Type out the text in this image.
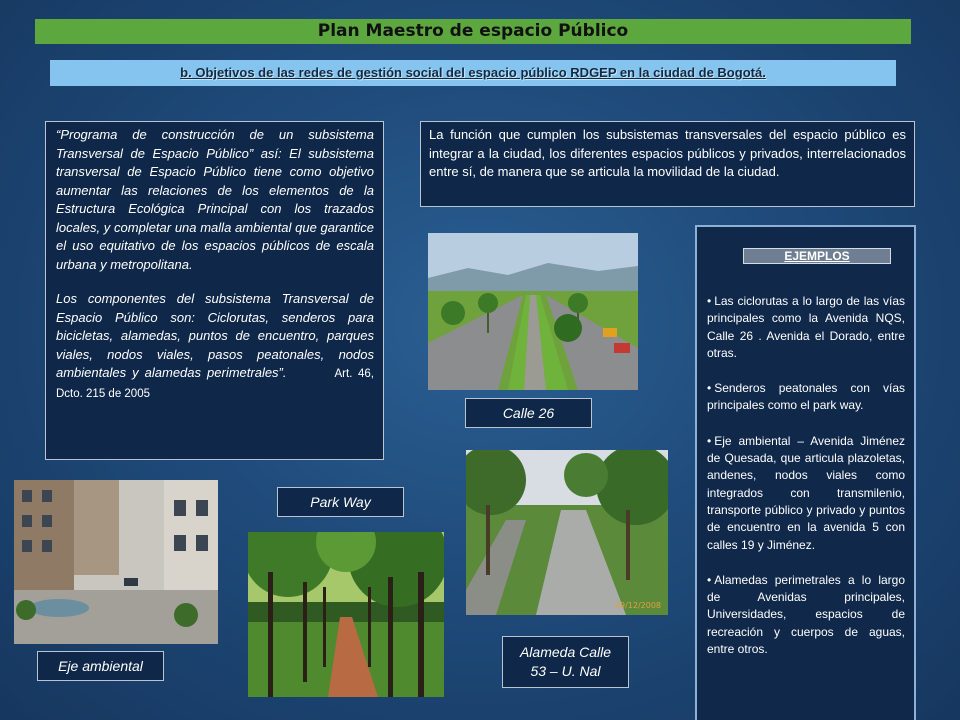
Plan Maestro de espacio Público
b. Objetivos de las redes de gestión social del espacio público RDGEP en la ciudad de Bogotá.

“Programa de construcción de un subsistema Transversal de Espacio Público” así: El subsistema transversal de Espacio Público tiene como objetivo aumentar las relaciones de los elementos de la Estructura Ecológica Principal con los trazados locales, y completar una malla ambiental que garantice el uso equitativo de los espacios públicos de escala urbana y metropolitana.

Los componentes del subsistema Transversal de Espacio Público son: Ciclorutas, senderos para bicicletas, alamedas, puntos de encuentro, parques viales, nodos viales, pasos peatonales, nodos ambientales y alamedas perimetrales”.	Art. 46, Dcto. 215 de 2005

La función que cumplen los subsistemas transversales del espacio público es integrar a la ciudad, los diferentes espacios públicos y privados, interrelacionados entre sí, de manera que se articula la movilidad de la ciudad.
EJEMPLOS
• Las ciclorutas a lo largo de las vías principales como la Avenida NQS, Calle 26 . Avenida el Dorado, entre otras.
• Senderos peatonales con vías principales como el park way.
• Eje ambiental – Avenida Jiménez de Quesada, que articula plazoletas, andenes, nodos viales como integrados con transmilenio, transporte público y privado y puntos de encuentro en la avenida 5 con calles 19 y Jiménez.
• Alamedas perimetrales a lo largo de Avenidas principales, Universidades, espacios de recreación y cuerpos de aguas, entre otros.
Calle 26
09/12/2008
Alameda Calle
53 – U. Nal
Park Way
Eje ambiental
